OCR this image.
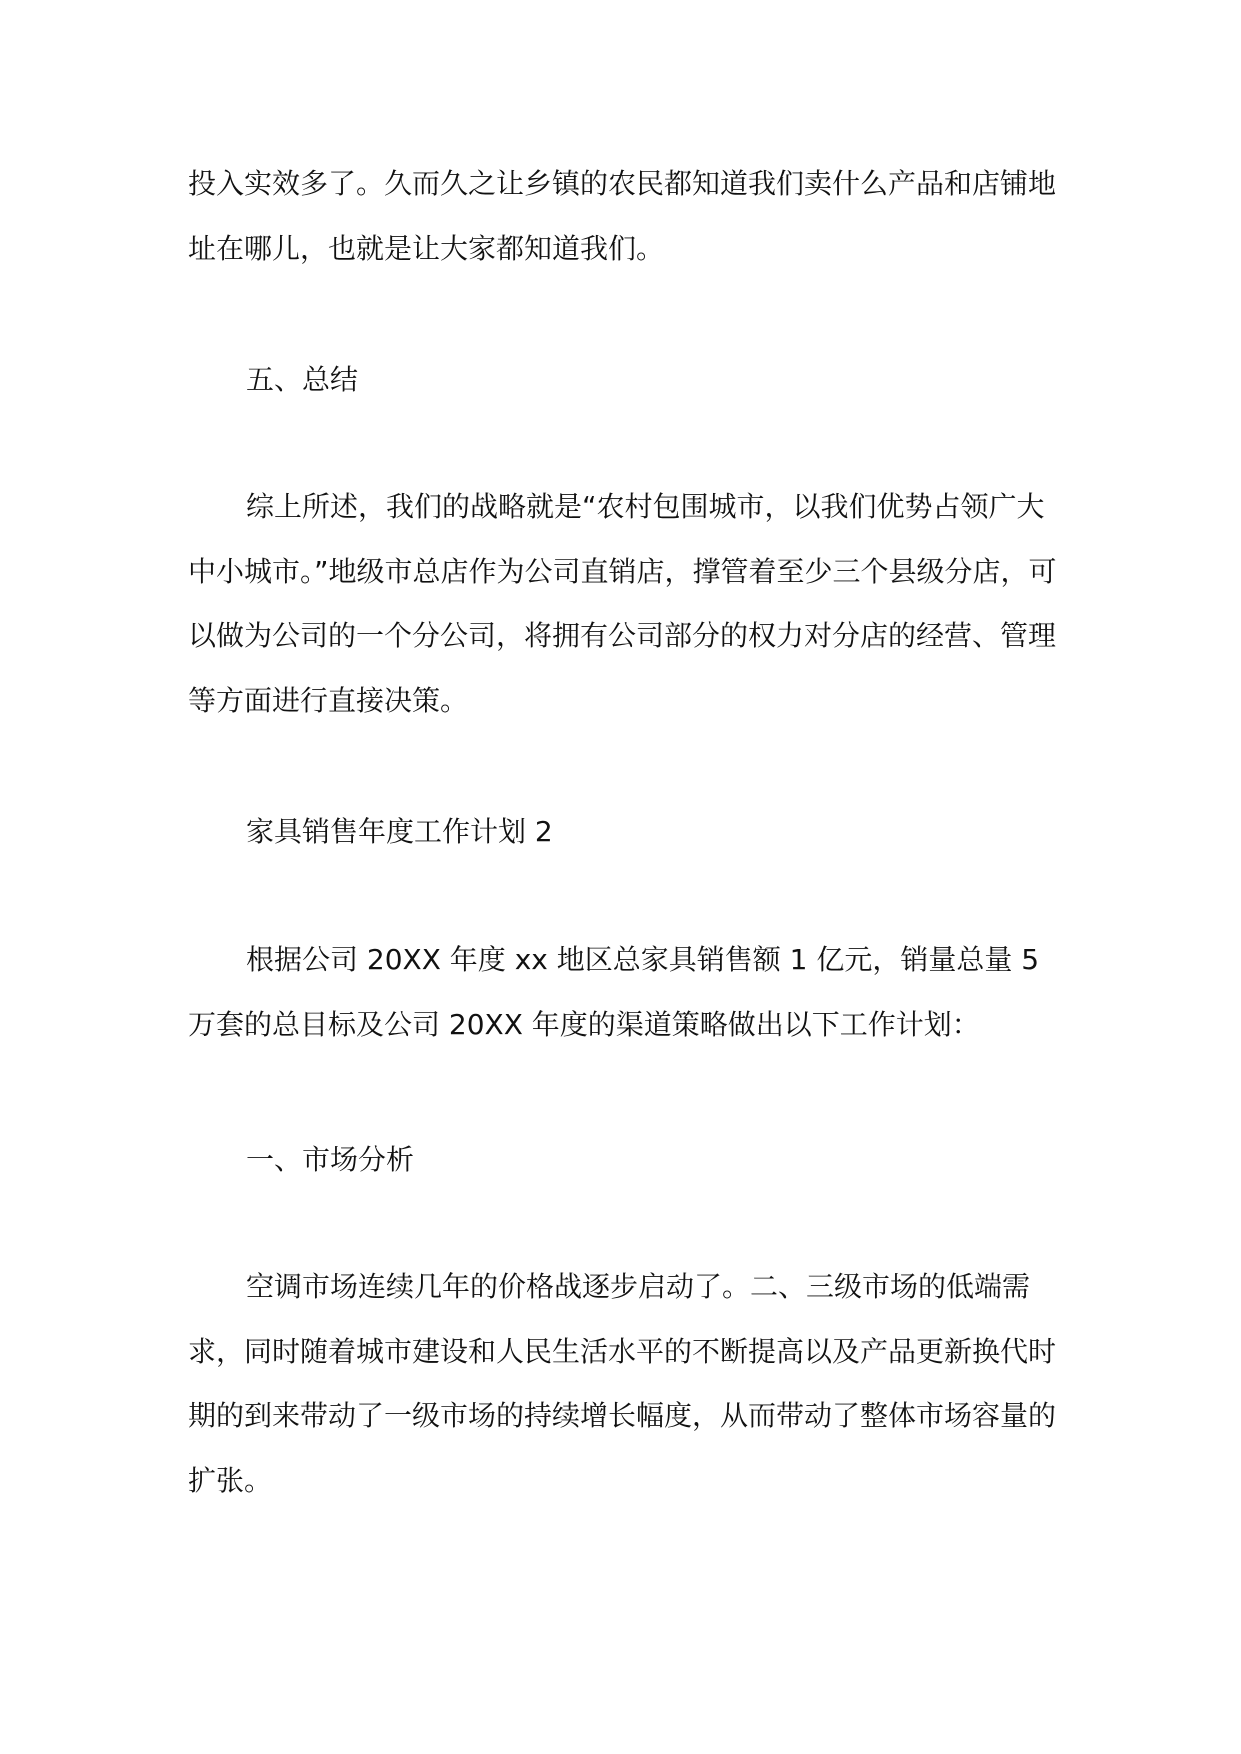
投入实效多了。久而久之让乡镇的农民都知道我们卖什么产品和店铺地址在哪儿，也就是让大家都知道我们。

五、总结

综上所述，我们的战略就是“农村包围城市，以我们优势占领广大中小城市。”地级市总店作为公司直销店，撑管着至少三个县级分店，可以做为公司的一个分公司，将拥有公司部分的权力对分店的经营、管理等方面进行直接决策。

家具销售年度工作计划 2

根据公司 20XX 年度 xx 地区总家具销售额 1 亿元，销量总量 5 万套的总目标及公司 20XX 年度的渠道策略做出以下工作计划：

一、市场分析

空调市场连续几年的价格战逐步启动了。二、三级市场的低端需求，同时随着城市建设和人民生活水平的不断提高以及产品更新换代时期的到来带动了一级市场的持续增长幅度，从而带动了整体市场容量的扩张。
